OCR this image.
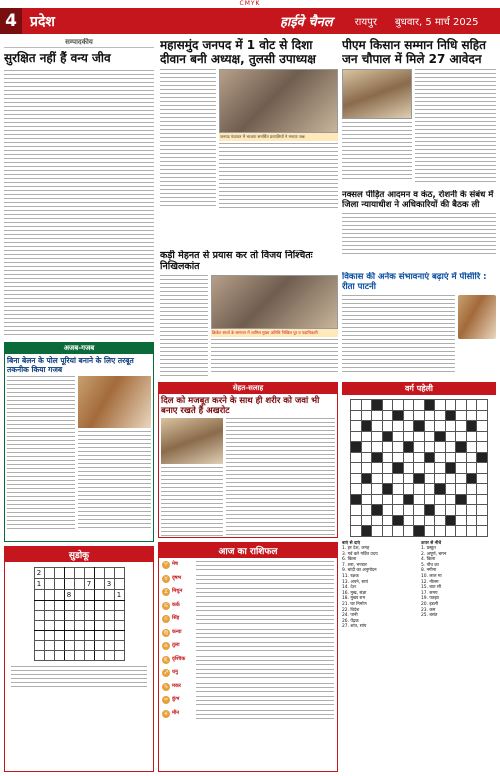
CMYK
4 प्रदेश	हाईवे चैनल रायपुर बुधवार, 5 मार्च 2025
सम्पादकीय
सुरक्षित नहीं हैं वन्य जीव
महासमुंद जनपद में 1 वोट से दिशा दीवान बनी अध्यक्ष, तुलसी उपाध्यक्ष
जनपद पंचायत में भाजपा समर्थित प्रत्याशियों ने मनाया जश्न
पीएम किसान सम्मान निधि सहित जन चौपाल में मिले 27 आवेदन
नक्सल पीड़ित आदमन व कंठ, रोशनी के संबंध में जिला न्यायाधीश ने अधिकारियों की बैठक ली
विकास की अनेक संभावनाएं बढ़ाएं में पीसीरि : रीता पाटनी
कड़ी मेहनत से प्रयास कर तो विजय निश्चितः निखिलकांत
क्रिकेट स्पर्धा के समापन में शामिल मुख्य अतिथि निखिल पुर व पदाधिकारी
अजब-गजब
बिना बेलन के पोल पूरियां बनाने के लिए तरबूत तकनीक किया गजब
सेहत-सलाह
दिल को मजबूत करने के साथ ही शरीर को जवां भी बनाए रखते हैं अखरोट
वर्ग पहेली

बाएं से दाएं
1. हर देश, जगह
3. गर्व करे गर्वित उदय
6. किला
7. शरा, भण्डार
9. चांदी का अनुमोदन
11. रक्षक
13. अपने, सायं
14. देश
16. मुख, संज्ञा
18. मुख्य राम
21. घर निर्माण
22. विदेश
24. पानी
26. पेंद्रक
27. शांत, सांय
ऊपर से नीचे
1. प्रस्तुत
2. अपूर्ण, चमन
4. किला
5. पौध का
8. नगीना
10. लाल मा
12. नीलम
15. बात सी
17. समय
19. पतझा
20. इडली
23. कम
25. बसंत
सुडोकू
2								
1					7		3	
			8					1

आज का राशिफल
♈ मेष
♉ वृषभ
♊ मिथुन
♋ कर्क
♌ सिंह
♍ कन्या
♎ तुला
♏ वृश्चिक
♐ धनु
♑ मकर
♒ कुंभ
♓ मीन
